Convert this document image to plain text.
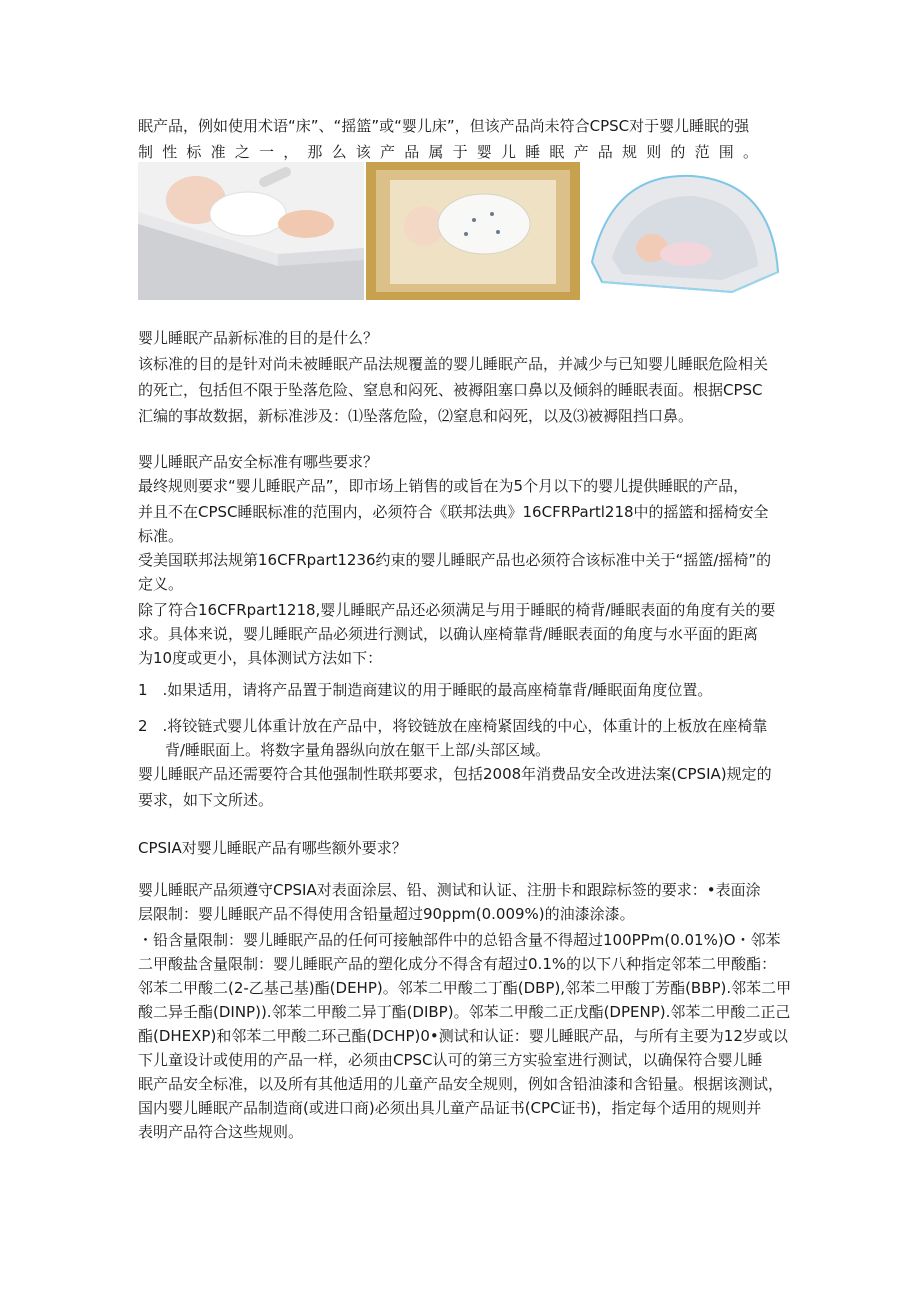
眠产品，例如使用术语“床”、“摇篮”或“婴儿床”，但该产品尚未符合CPSC对于婴儿睡眠的强
制性标准之一，那么该产品属于婴儿睡眠产品规则的范围。
婴儿睡眠产品新标准的目的是什么？
该标准的目的是针对尚未被睡眠产品法规覆盖的婴儿睡眠产品，并减少与已知婴儿睡眠危险相关
的死亡，包括但不限于坠落危险、窒息和闷死、被褥阻塞口鼻以及倾斜的睡眠表面。根据CPSC
汇编的事故数据，新标准涉及：⑴坠落危险，⑵窒息和闷死，以及⑶被褥阻挡口鼻。
婴儿睡眠产品安全标准有哪些要求？
最终规则要求“婴儿睡眠产品”，即市场上销售的或旨在为5个月以下的婴儿提供睡眠的产品，
并且不在CPSC睡眠标准的范围内，必须符合《联邦法典》16CFRPartl218中的摇篮和摇椅安全
标准。
受美国联邦法规第16CFRpart1236约束的婴儿睡眠产品也必须符合该标准中关于“摇篮/摇椅”的
定义。
除了符合16CFRpart1218,婴儿睡眠产品还必须满足与用于睡眠的椅背/睡眠表面的角度有关的要
求。具体来说，婴儿睡眠产品必须进行测试，以确认座椅靠背/睡眠表面的角度与水平面的距离
为10度或更小，具体测试方法如下：
1　.如果适用，请将产品置于制造商建议的用于睡眠的最高座椅靠背/睡眠面角度位置。
2　.将铰链式婴儿体重计放在产品中，将铰链放在座椅紧固线的中心，体重计的上板放在座椅靠
背/睡眠面上。将数字量角器纵向放在躯干上部/头部区域。
婴儿睡眠产品还需要符合其他强制性联邦要求，包括2008年消费品安全改进法案(CPSIA)规定的
要求，如下文所述。
CPSIA对婴儿睡眠产品有哪些额外要求？
婴儿睡眠产品须遵守CPSIA对表面涂层、铅、测试和认证、注册卡和跟踪标签的要求：•表面涂
层限制：婴儿睡眠产品不得使用含铅量超过90ppm(0.009%)的油漆涂漆。
・铅含量限制：婴儿睡眠产品的任何可接触部件中的总铅含量不得超过100PPm(0.01%)O・邻苯
二甲酸盐含量限制：婴儿睡眠产品的塑化成分不得含有超过0.1%的以下八种指定邻苯二甲酸酯：
邻苯二甲酸二(2-乙基己基)酯(DEHP)。邻苯二甲酸二丁酯(DBP),邻苯二甲酸丁芳酯(BBP).邻苯二甲
酸二异壬酯(DINP)).邻苯二甲酸二异丁酯(DIBP)。邻苯二甲酸二正戊酯(DPENP).邻苯二甲酸二正己
酯(DHEXP)和邻苯二甲酸二环己酯(DCHP)0•测试和认证：婴儿睡眠产品，与所有主要为12岁或以
下儿童设计或使用的产品一样，必须由CPSC认可的第三方实验室进行测试，以确保符合婴儿睡
眠产品安全标准，以及所有其他适用的儿童产品安全规则，例如含铅油漆和含铅量。根据该测试，
国内婴儿睡眠产品制造商(或进口商)必须出具儿童产品证书(CPC证书)，指定每个适用的规则并
表明产品符合这些规则。
